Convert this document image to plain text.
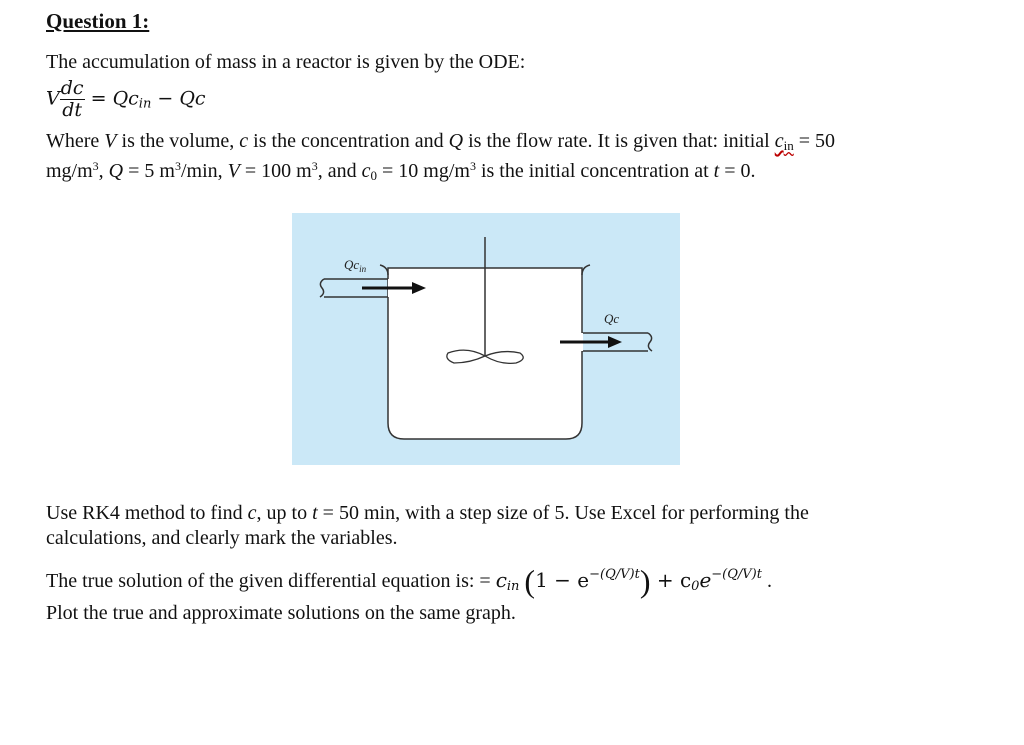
Question 1:
The accumulation of mass in a reactor is given by the ODE:
V $\frac{dc}{dt} = Qc_{in} - Qc$
Where V is the volume, c is the concentration and Q is the flow rate. It is given that: initial $c_{in} = 50$
$mg/m^3$, Q = 5 $m^3/\min$, V = 100 $m^3$, and $c_0 = 10$ $mg/m^3$ is the initial concentration at t = 0.
$Qc_{in}$
Qc
Use RK4 method to find c, up to t = 50 min, with a step size of 5. Use Excel for performing the
calculations, and clearly mark the variables.
The true solution of the given differential equation is: = $c_{in}$ $(1 - e^{-(Q/V)t}) + c_0e^{-(Q/V)t}$ .
Plot the true and approximate solutions on the same graph.
